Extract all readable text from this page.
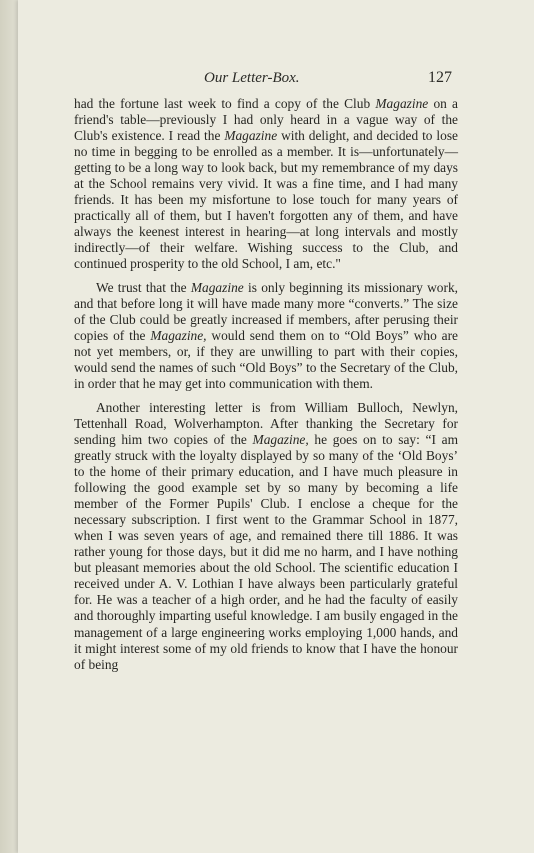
Our Letter-Box.	127

had the fortune last week to find a copy of the Club Magazine on a friend's table—previously I had only heard in a vague way of the Club's existence. I read the Magazine with delight, and decided to lose no time in begging to be enrolled as a member. It is—unfortunately—getting to be a long way to look back, but my remembrance of my days at the School remains very vivid. It was a fine time, and I had many friends. It has been my misfortune to lose touch for many years of practically all of them, but I haven't forgotten any of them, and have always the keenest interest in hearing—at long intervals and mostly indirectly—of their welfare. Wishing success to the Club, and continued prosperity to the old School, I am, etc."

We trust that the Magazine is only beginning its missionary work, and that before long it will have made many more “converts.” The size of the Club could be greatly increased if members, after perusing their copies of the Magazine, would send them on to “Old Boys” who are not yet members, or, if they are unwilling to part with their copies, would send the names of such “Old Boys” to the Secretary of the Club, in order that he may get into communication with them.

Another interesting letter is from William Bulloch, Newlyn, Tettenhall Road, Wolverhampton. After thanking the Secretary for sending him two copies of the Magazine, he goes on to say: “I am greatly struck with the loyalty displayed by so many of the ‘Old Boys’ to the home of their primary education, and I have much pleasure in following the good example set by so many by becoming a life member of the Former Pupils' Club. I enclose a cheque for the necessary subscription. I first went to the Grammar School in 1877, when I was seven years of age, and remained there till 1886. It was rather young for those days, but it did me no harm, and I have nothing but pleasant memories about the old School. The scientific education I received under A. V. Lothian I have always been particularly grateful for. He was a teacher of a high order, and he had the faculty of easily and thoroughly imparting useful knowledge. I am busily engaged in the management of a large engineering works employing 1,000 hands, and it might interest some of my old friends to know that I have the honour of being
